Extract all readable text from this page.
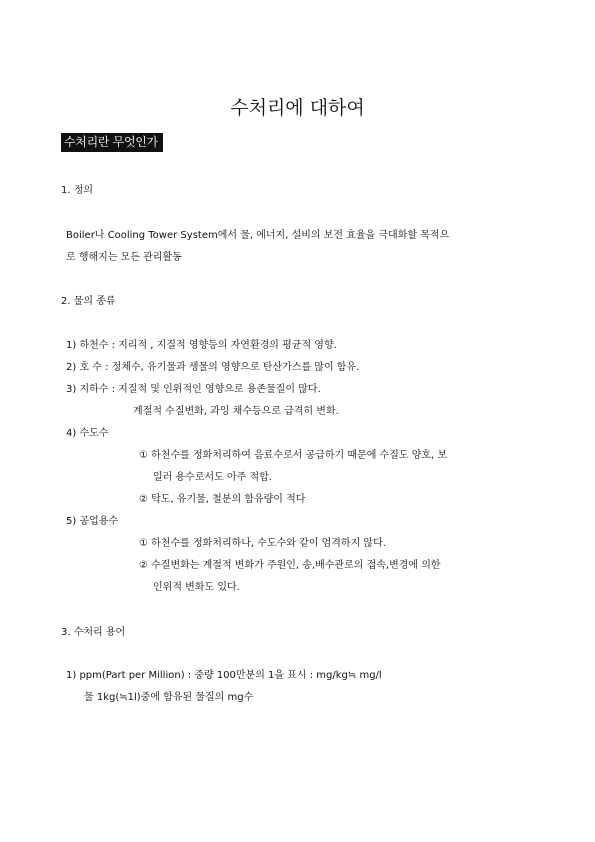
수처리에 대하여
수처리란 무엇인가
1. 정의
Boiler나 Cooling Tower System에서 물, 에너지, 설비의 보전 효율을 극대화할 목적으
로 행해지는 모든 관리활동
2. 물의 종류
1) 하천수 : 지리적 , 지질적 영향등의 자연환경의 평균적 영향.
2) 호 수 : 정체수, 유기물과 생물의 영향으로 탄산가스를 많이 함유.
3) 지하수 : 지질적 및 인위적인 영향으로 용존물질이 많다.
계절적 수질변화, 과잉 채수등으로 급격히 변화.
4) 수도수
① 하천수를 정화처리하여 음료수로서 공급하기 때문에 수질도 양호, 보
일러 용수로서도 아주 적합.
② 탁도, 유기물, 철분의 함유량이 적다
5) 공업용수
① 하천수를 정화처리하나, 수도수와 같이 엄격하지 않다.
② 수질변화는 계절적 변화가 주원인, 송,배수관로의 접속,변경에 의한
인위적 변화도 있다.
3. 수처리 용어
1) ppm(Part per Million) : 중량 100만분의 1을 표시 : mg/kg≒ mg/l
물 1kg(≒1l)중에 함유된 물질의 mg수
